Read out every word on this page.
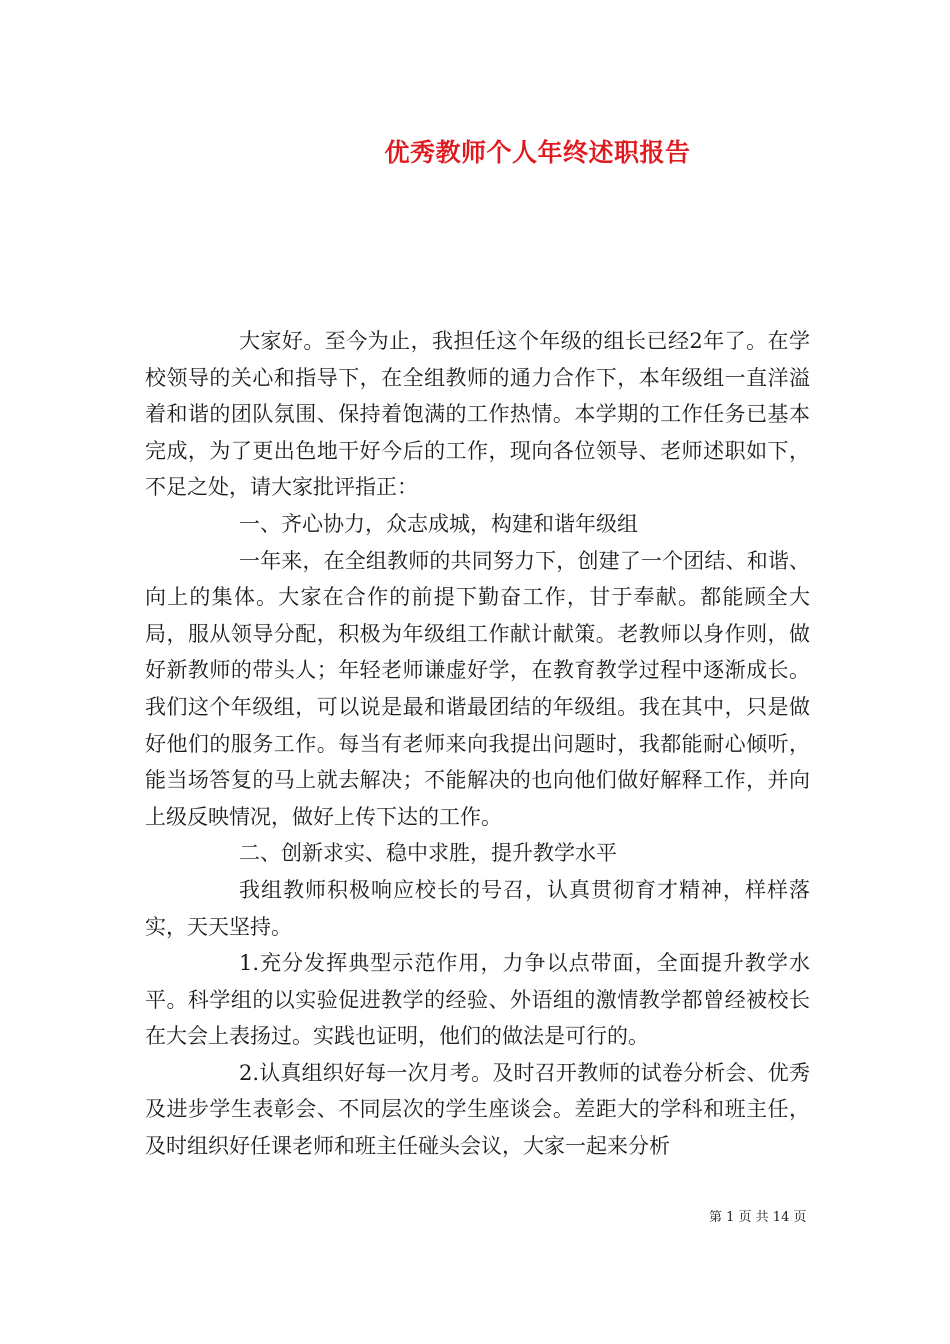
优秀教师个人年终述职报告

大家好。至今为止，我担任这个年级的组长已经2年了。在学校领导的关心和指导下，在全组教师的通力合作下，本年级组一直洋溢着和谐的团队氛围、保持着饱满的工作热情。本学期的工作任务已基本完成，为了更出色地干好今后的工作，现向各位领导、老师述职如下，不足之处，请大家批评指正：

一、齐心协力，众志成城，构建和谐年级组

一年来，在全组教师的共同努力下，创建了一个团结、和谐、向上的集体。大家在合作的前提下勤奋工作，甘于奉献。都能顾全大局，服从领导分配，积极为年级组工作献计献策。老教师以身作则，做好新教师的带头人；年轻老师谦虚好学，在教育教学过程中逐渐成长。我们这个年级组，可以说是最和谐最团结的年级组。我在其中，只是做好他们的服务工作。每当有老师来向我提出问题时，我都能耐心倾听，能当场答复的马上就去解决；不能解决的也向他们做好解释工作，并向上级反映情况，做好上传下达的工作。

二、创新求实、稳中求胜，提升教学水平

我组教师积极响应校长的号召，认真贯彻育才精神，样样落实，天天坚持。

1.充分发挥典型示范作用，力争以点带面，全面提升教学水平。科学组的以实验促进教学的经验、外语组的激情教学都曾经被校长在大会上表扬过。实践也证明，他们的做法是可行的。

2.认真组织好每一次月考。及时召开教师的试卷分析会、优秀及进步学生表彰会、不同层次的学生座谈会。差距大的学科和班主任，及时组织好任课老师和班主任碰头会议，大家一起来分析

第 1 页 共 14 页
